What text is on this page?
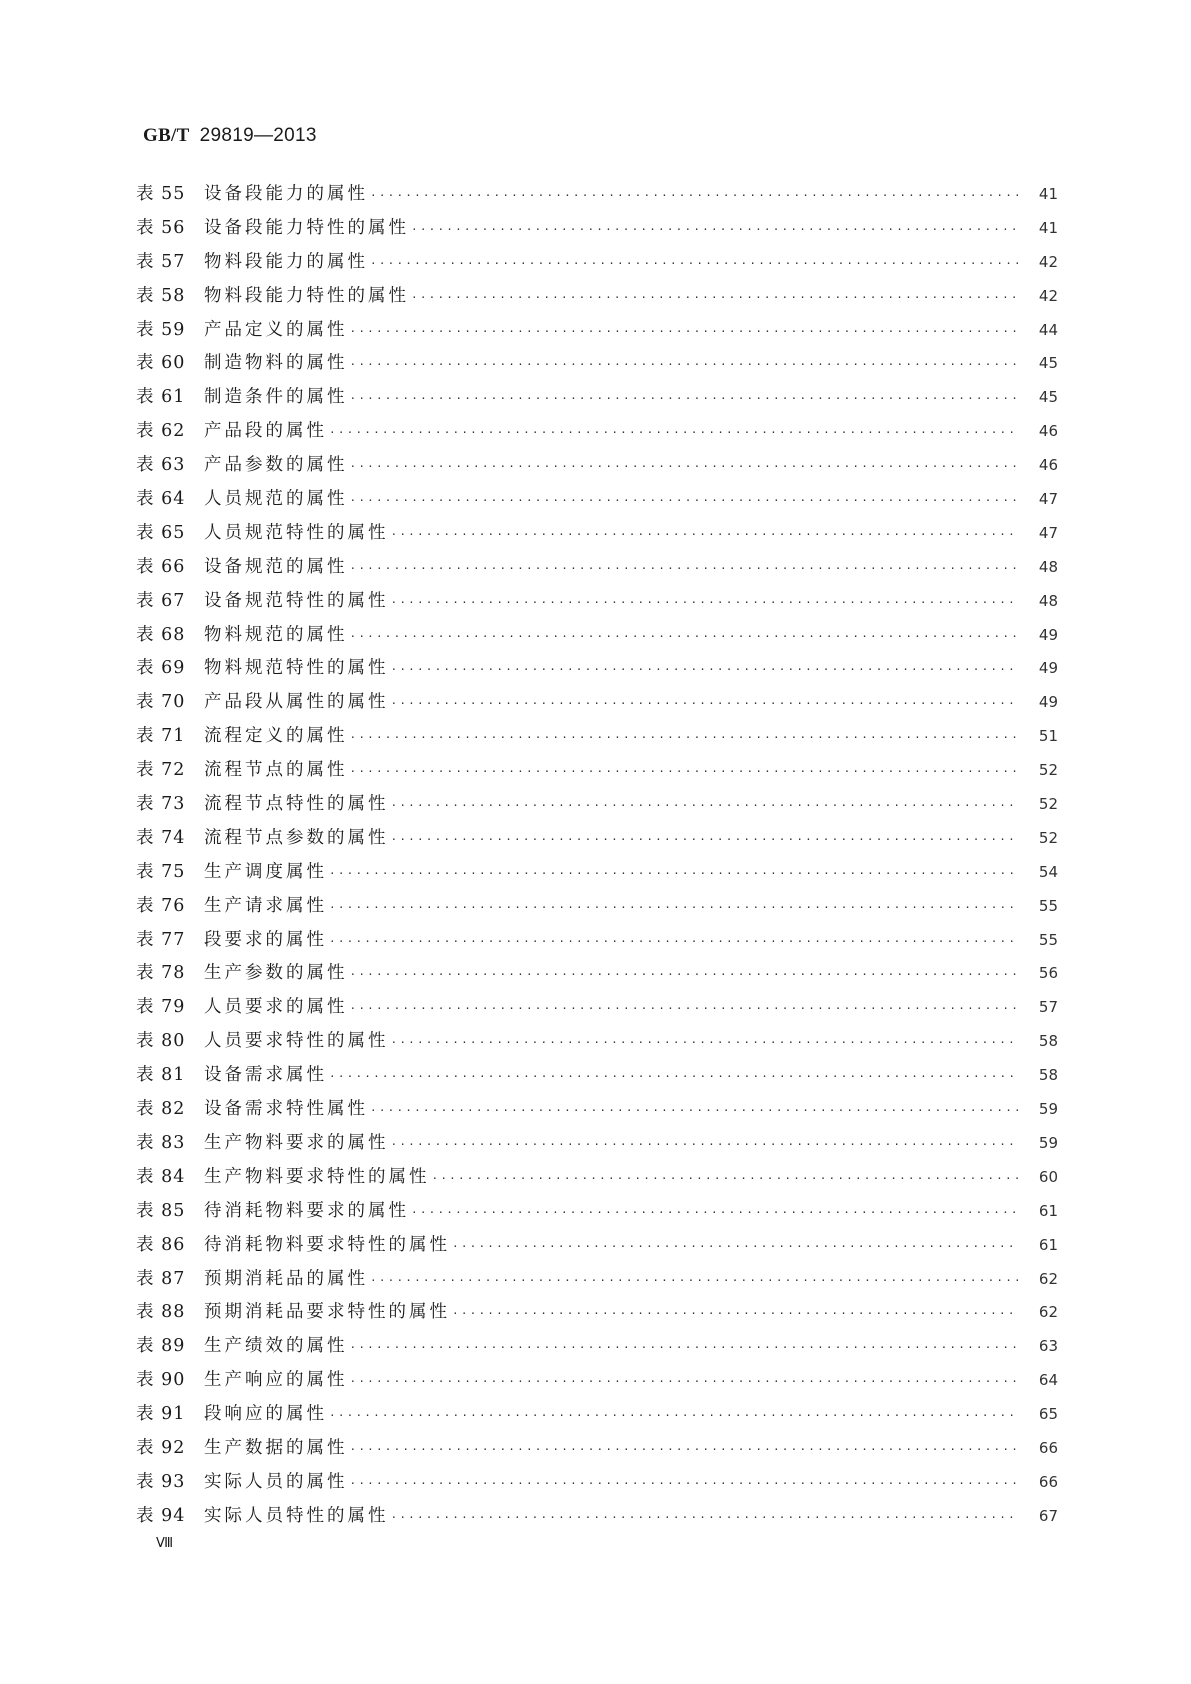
GB/T 29819—2013
表 55	设备段能力的属性 ·····	41
表 56	设备段能力特性的属性 ·····	41
表 57	物料段能力的属性 ·····	42
表 58	物料段能力特性的属性 ·····	42
表 59	产品定义的属性 ·····	44
表 60	制造物料的属性 ·····	45
表 61	制造条件的属性 ·····	45
表 62	产品段的属性 ·····	46
表 63	产品参数的属性 ·····	46
表 64	人员规范的属性 ·····	47
表 65	人员规范特性的属性 ·····	47
表 66	设备规范的属性 ·····	48
表 67	设备规范特性的属性 ·····	48
表 68	物料规范的属性 ·····	49
表 69	物料规范特性的属性 ·····	49
表 70	产品段从属性的属性 ·····	49
表 71	流程定义的属性 ·····	51
表 72	流程节点的属性 ·····	52
表 73	流程节点特性的属性 ·····	52
表 74	流程节点参数的属性 ·····	52
表 75	生产调度属性 ·····	54
表 76	生产请求属性 ·····	55
表 77	段要求的属性 ·····	55
表 78	生产参数的属性 ·····	56
表 79	人员要求的属性 ·····	57
表 80	人员要求特性的属性 ·····	58
表 81	设备需求属性 ·····	58
表 82	设备需求特性属性 ·····	59
表 83	生产物料要求的属性 ·····	59
表 84	生产物料要求特性的属性 ·····	60
表 85	待消耗物料要求的属性 ·····	61
表 86	待消耗物料要求特性的属性 ·····	61
表 87	预期消耗品的属性 ·····	62
表 88	预期消耗品要求特性的属性 ·····	62
表 89	生产绩效的属性 ·····	63
表 90	生产响应的属性 ·····	64
表 91	段响应的属性 ·····	65
表 92	生产数据的属性 ·····	66
表 93	实际人员的属性 ·····	66
表 94	实际人员特性的属性 ·····	67
Ⅷ
